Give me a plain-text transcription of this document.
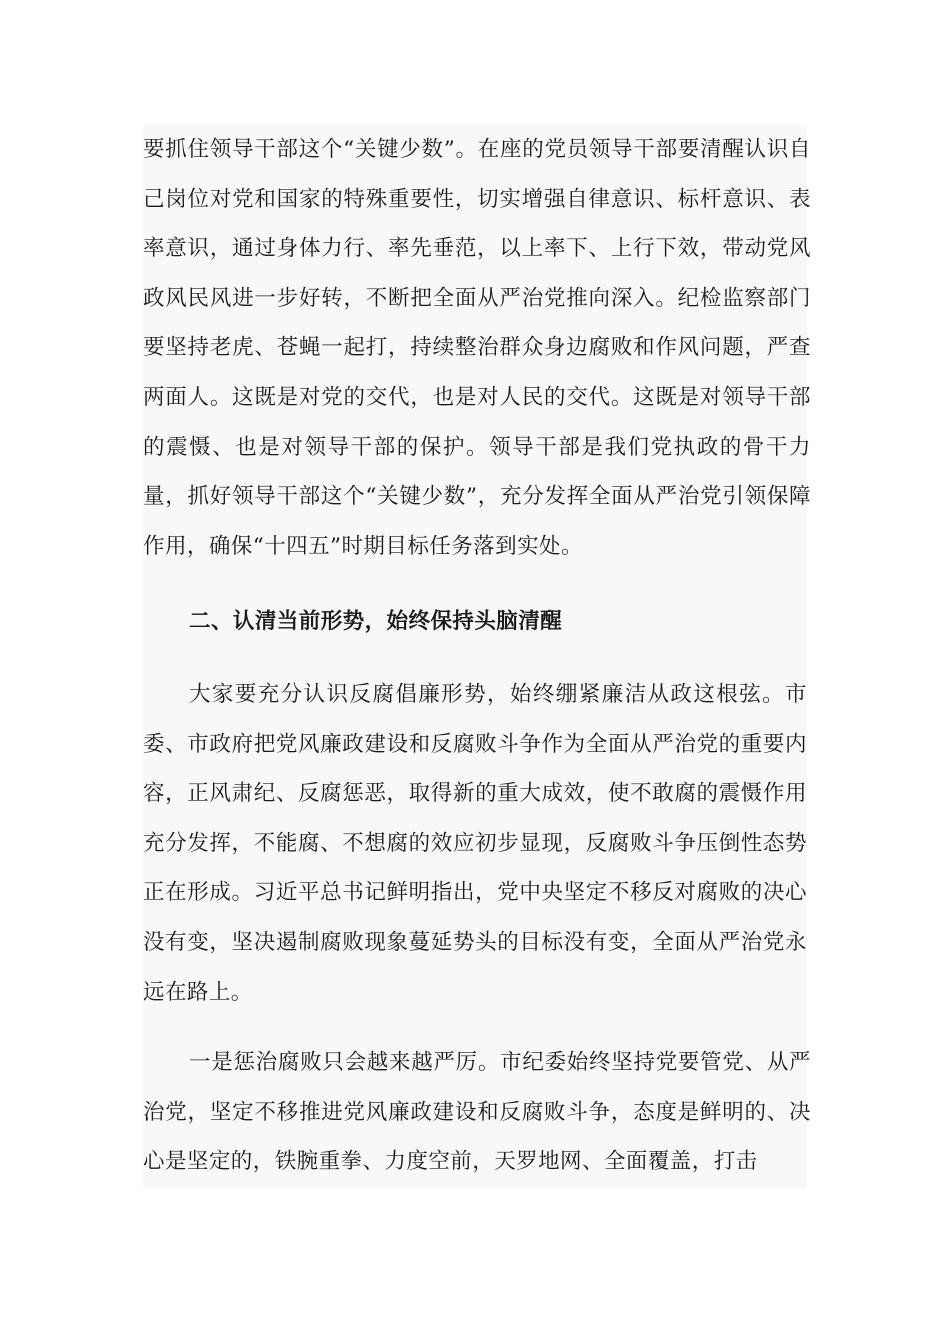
要抓住领导干部这个“关键少数”。在座的党员领导干部要清醒认识自己岗位对党和国家的特殊重要性，切实增强自律意识、标杆意识、表率意识，通过身体力行、率先垂范，以上率下、上行下效，带动党风政风民风进一步好转，不断把全面从严治党推向深入。纪检监察部门要坚持老虎、苍蝇一起打，持续整治群众身边腐败和作风问题，严查两面人。这既是对党的交代，也是对人民的交代。这既是对领导干部的震慑、也是对领导干部的保护。领导干部是我们党执政的骨干力量，抓好领导干部这个“关键少数”，充分发挥全面从严治党引领保障作用，确保“十四五”时期目标任务落到实处。

二、认清当前形势，始终保持头脑清醒

大家要充分认识反腐倡廉形势，始终绷紧廉洁从政这根弦。市委、市政府把党风廉政建设和反腐败斗争作为全面从严治党的重要内容，正风肃纪、反腐惩恶，取得新的重大成效，使不敢腐的震慑作用充分发挥，不能腐、不想腐的效应初步显现，反腐败斗争压倒性态势正在形成。习近平总书记鲜明指出，党中央坚定不移反对腐败的决心没有变，坚决遏制腐败现象蔓延势头的目标没有变，全面从严治党永远在路上。

一是惩治腐败只会越来越严厉。市纪委始终坚持党要管党、从严治党，坚定不移推进党风廉政建设和反腐败斗争，态度是鲜明的、决心是坚定的，铁腕重拳、力度空前，天罗地网、全面覆盖，打击
